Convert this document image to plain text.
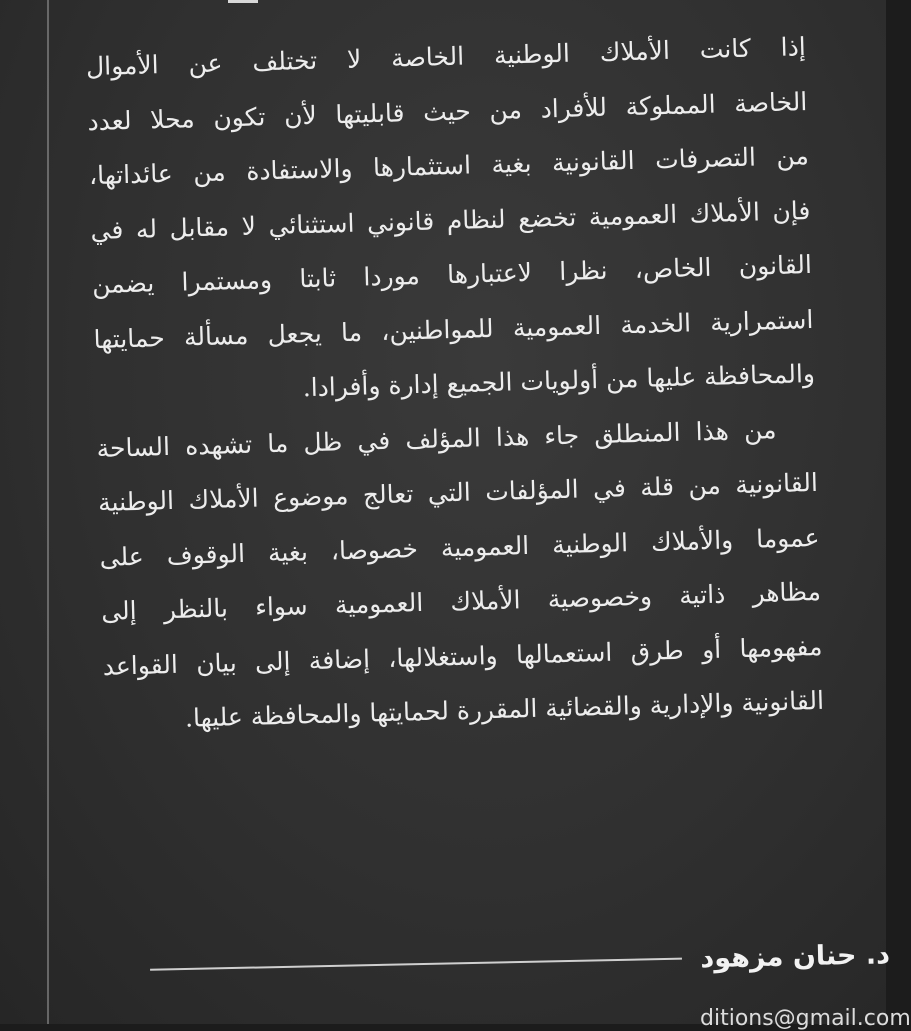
إذا كانت الأملاك الوطنية الخاصة لا تختلف عن الأموال
الخاصة المملوكة للأفراد من حيث قابليتها لأن تكون محلا لعدد
من التصرفات القانونية بغية استثمارها والاستفادة من عائداتها،
فإن الأملاك العمومية تخضع لنظام قانوني استثنائي لا مقابل له في
القانون الخاص، نظرا لاعتبارها موردا ثابتا ومستمرا يضمن
استمرارية الخدمة العمومية للمواطنين، ما يجعل مسألة حمايتها
والمحافظة عليها من أولويات الجميع إدارة وأفرادا.

من هذا المنطلق جاء هذا المؤلف في ظل ما تشهده الساحة
القانونية من قلة في المؤلفات التي تعالج موضوع الأملاك الوطنية
عموما والأملاك الوطنية العمومية خصوصا، بغية الوقوف على
مظاهر ذاتية وخصوصية الأملاك العمومية سواء بالنظر إلى
مفهومها أو طرق استعمالها واستغلالها، إضافة إلى بيان القواعد
القانونية والإدارية والقضائية المقررة لحمايتها والمحافظة عليها.

د. حنان مزهود
ditions@gmail.com
